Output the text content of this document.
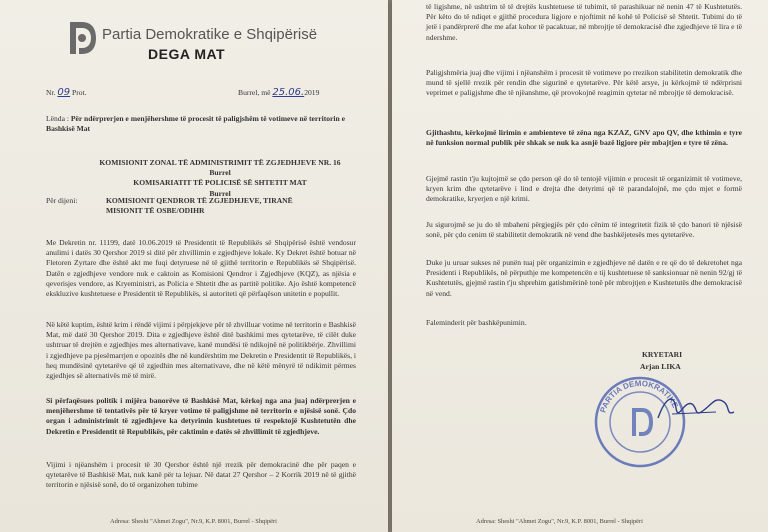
Partia Demokratike e Shqipërisë
DEGA MAT
Nr. 09 Prot.	Burrel, më 25.06.2019
Lënda : Për ndërprerjen e menjëhershme të procesit të paligjshëm të votimeve në territorin e Bashkisë Mat
KOMISIONIT ZONAL TË ADMINISTRIMIT TË ZGJEDHJEVE NR. 16
Burrel
KOMISARIATIT TË POLICISË SË SHTETIT MAT
Burrel
Për dijeni:	KOMISIONIT QENDROR TË ZGJEDHJEVE, TIRANË
MISIONIT TË OSBE/ODIHR
Me Dekretin nr. 11199, datë 10.06.2019 të Presidentit të Republikës së Shqipërisë është vendosur anulimi i datës 30 Qershor 2019 si ditë për zhvillimin e zgjedhjeve lokale. Ky Dekret është botuar në Fletoren Zyrtare dhe është akt me fuqi detyruese në të gjithë territorin e Republikës së Shqipërisë. Datën e zgjedhjeve vendore nuk e caktoin as Komisioni Qendror i Zgjedhjeve (KQZ), as njësia e qeverisjes vendore, as Kryeministri, as Policia e Shtetit dhe as partitë politike. Ajo është kompetencë ekskluzive kushtetuese e Presidentit të Republikës, si autoriteti që përfaqëson unitetin e popullit.
Në këtë kuptim, është krim i rëndë vijimi i përpjekjeve për të zhvilluar votime në territorin e Bashkisë Mat, më datë 30 Qershor 2019. Dita e zgjedhjeve është ditë bashkimi mes qytetarëve, të cilët duke ushtruar të drejtën e zgjedhjes mes alternativave, kanë mundësi të ndikojnë në politikbërje. Zhvillimi i zgjedhjeve pa pjesëmarrjen e opozitës dhe në kundërshtim me Dekretin e Presidentit të Republikës, i heq mundësinë qytetarëve që të zgjedhin mes alternativave, dhe në këtë mënyrë të ndikimit përmes zgjedhjes së alternativës më të mirë.
Si përfaqësues politik i mijëra banorëve të Bashkisë Mat, kërkoj nga ana juaj ndërprerjen e menjëhershme të tentativës për të kryer votime të paligjshme në territorin e njësisë sonë. Çdo organ i administrimit të zgjedhjeve ka detyrimin kushtetues të respektojë Kushtetutën dhe Dekretin e Presidentit të Republikës, për caktimin e datës së zhvillimit të zgjedhjeve.
Vijimi i njëanshëm i procesit të 30 Qershor është një rrezik për demokracinë dhe për paqen e qytetarëve të Bashkisë Mat, nuk kanë për ta lejuar. Në datat 27 Qershor – 2 Korrik 2019 në të gjithë territorin e njësisë sonë, do të organizohen tubime
Adresa: Sheshi "Ahmet Zogu", Nr.9, K.P. 8001, Burrel - Shqipëri
të ligjshme, në ushtrim të të drejtës kushtetuese të tubimit, të parashikuar në nenin 47 të Kushtetutës. Për këto do të ndiqet e gjithë procedura ligjore e njoftimit në kohë të Policisë së Shtetit. Tubimi do të jetë i pandërprerë dhe me afat kohor të pacaktuar, në mbrojtje të demokracisë dhe zgjedhjeve të lira e të ndershme.
Paligjshmëria juaj dhe vijimi i njëanshëm i procesit të votimeve po rrezikon stabilitetin demokratik dhe mund të sjellë rrezik për rendin dhe sigurinë e qytetarëve. Për këtë arsye, ju kërkojmë të ndërprisni veprimet e paligjshme dhe të njëanshme, që provokojnë reagimin qytetar në mbrojtje të demokracisë.
Gjithashtu, kërkojmë lirimin e ambienteve të zëna nga KZAZ, GNV apo QV, dhe kthimin e tyre në funksion normal publik për shkak se nuk ka asnjë bazë ligjore për mbajtjen e tyre të zëna.
Gjejmë rastin t'ju kujtojmë se çdo person që do të tentojë vijimin e procesit të organizimit të votimeve, kryen krim dhe qytetarëve i lind e drejta dhe detyrimi që të parandalojnë, me çdo mjet e formë demokratike, kryerjen e një krimi.
Ju sigurojmë se ju do të mbaheni përgjegjës për çdo cënim të integritetit fizik të çdo banori të njësisë sonë, për çdo cenim të stabilitetit demokratik në vend dhe bashkëjetesës mes qytetarëve.
Duke ju uruar sukses në punën tuaj për organizimin e zgjedhjeve në datën e re që do të dekretohet nga Presidenti i Republikës, në përputhje me kompetencën e tij kushtetuese të sanksionuar në nenin 92/gj të Kushtetutës, gjejmë rastin t'ju shprehim gatishmërinë tonë për mbrojtjen e Kushtetutës dhe demokracisë në vend.
Faleminderit për bashkëpunimin.
KRYETARI
Arjan LIKA
PARTIA DEMOKRATIKE
Adresa: Sheshi "Ahmet Zogu", Nr.9, K.P. 8001, Burrel - Shqipëri
